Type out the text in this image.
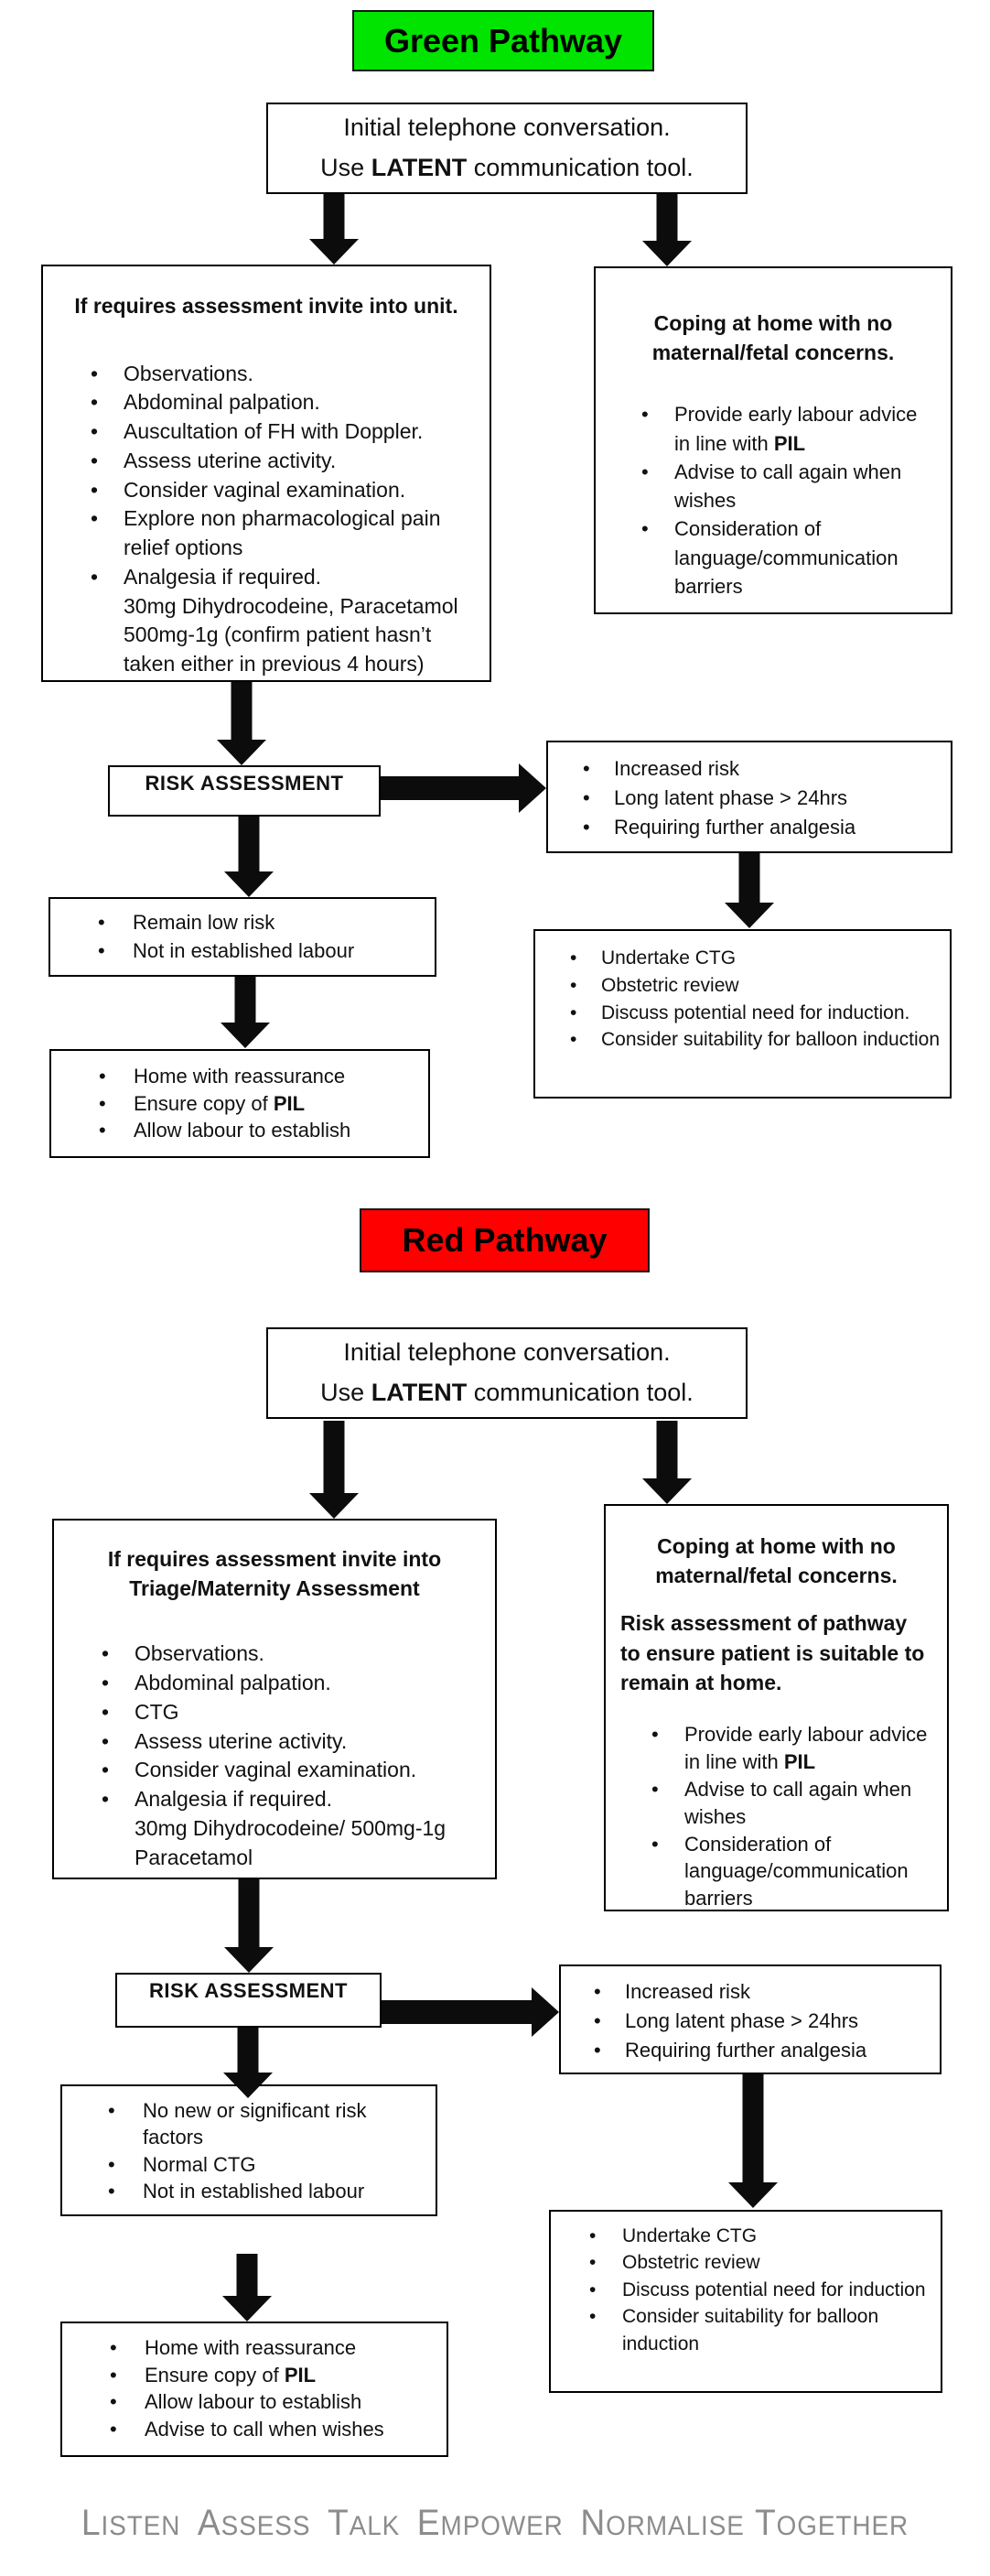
Green Pathway
Initial telephone conversation.
Use LATENT communication tool.
If requires assessment invite into unit.
• Observations.
• Abdominal palpation.
• Auscultation of FH with Doppler.
• Assess uterine activity.
• Consider vaginal examination.
• Explore non pharmacological pain relief options
• Analgesia if required.
30mg Dihydrocodeine, Paracetamol 500mg-1g (confirm patient hasn’t taken either in previous 4 hours)
Coping at home with no maternal/fetal concerns.
• Provide early labour advice in line with PIL
• Advise to call again when wishes
• Consideration of language/communication barriers
RISK ASSESSMENT
• Increased risk
• Long latent phase > 24hrs
• Requiring further analgesia
• Remain low risk
• Not in established labour	• Undertake CTG
• Obstetric review
• Discuss potential need for induction.
• Consider suitability for balloon induction
• Home with reassurance
• Ensure copy of PIL
• Allow labour to establish
Red Pathway
Initial telephone conversation.
Use LATENT communication tool.
If requires assessment invite into Triage/Maternity Assessment
• Observations.
• Abdominal palpation.
• CTG
• Assess uterine activity.
• Consider vaginal examination.
• Analgesia if required.
30mg Dihydrocodeine/ 500mg-1g Paracetamol
Coping at home with no maternal/fetal concerns.
Risk assessment of pathway to ensure patient is suitable to remain at home.
• Provide early labour advice in line with PIL
• Advise to call again when wishes
• Consideration of language/communication barriers
RISK ASSESSMENT	• Increased risk
• Long latent phase > 24hrs
• Requiring further analgesia
• No new or significant risk factors
• Normal CTG
• Not in established labour
• Undertake CTG
• Obstetric review
• Discuss potential need for induction
• Consider suitability for balloon induction
• Home with reassurance
• Ensure copy of PIL
• Allow labour to establish
• Advise to call when wishes
LISTEN ASSESS TALK EMPOWER NORMALISE TOGETHER
